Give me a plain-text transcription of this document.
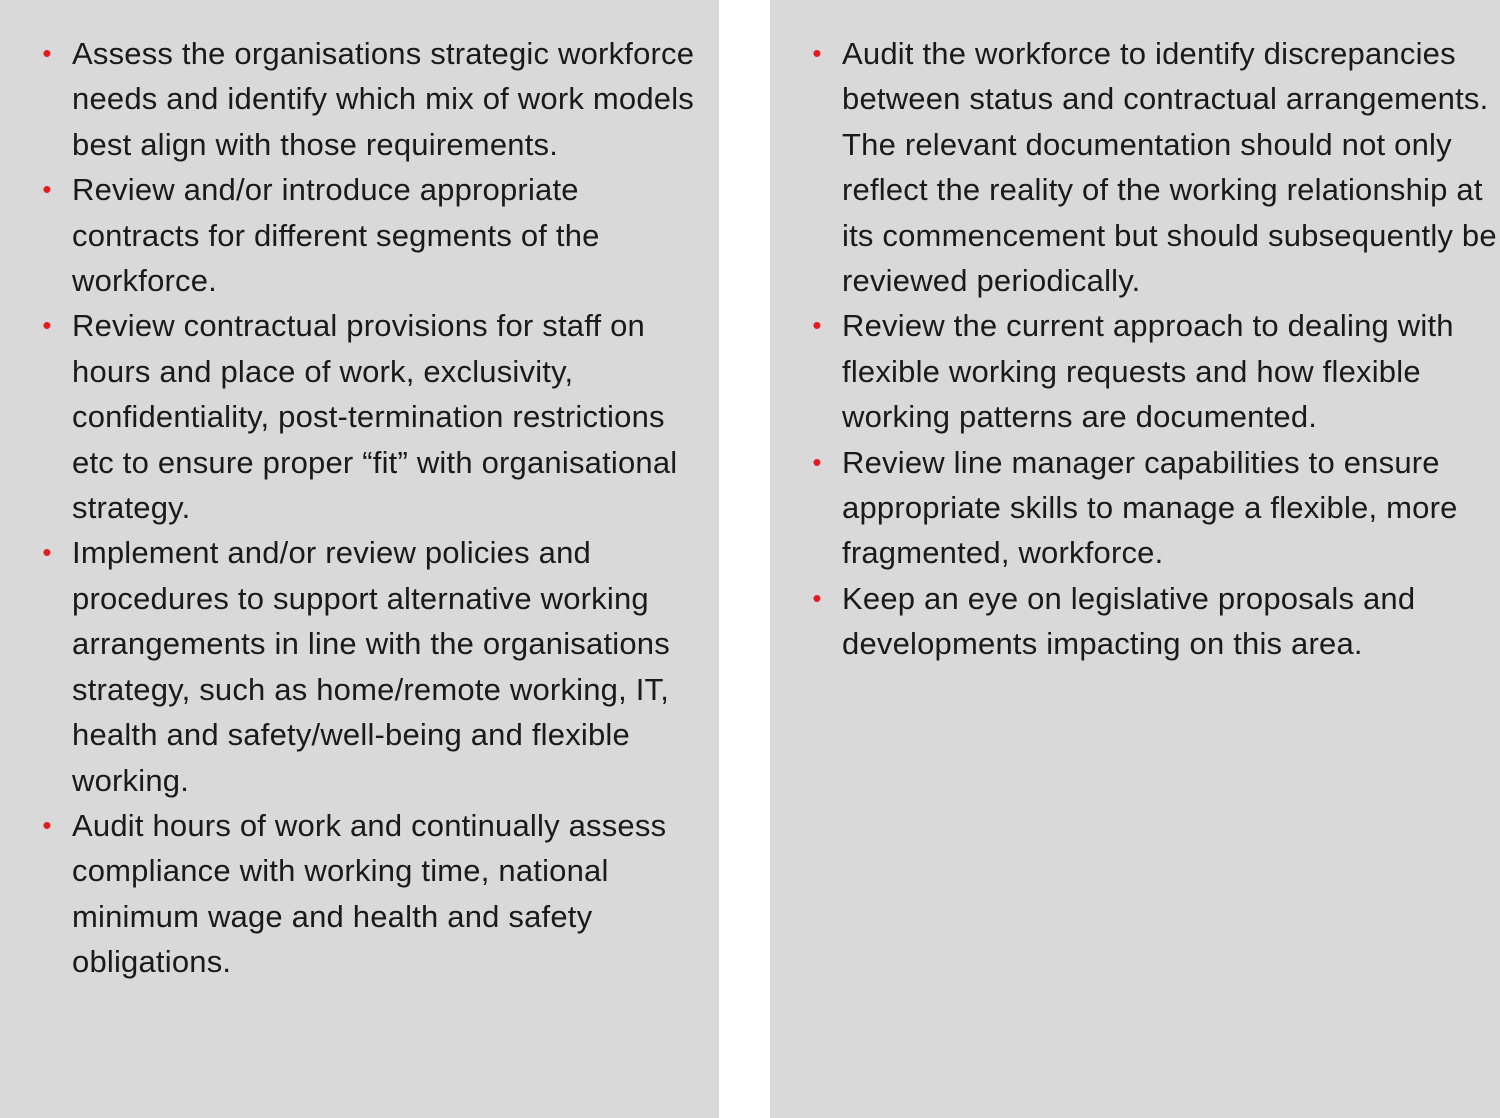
• Assess the organisations strategic workforce needs and identify which mix of work models best align with those requirements.
• Review and/or introduce appropriate contracts for different segments of the workforce.
• Review contractual provisions for staff on hours and place of work, exclusivity, confidentiality, post-termination restrictions etc to ensure proper “fit” with organisational strategy.
• Implement and/or review policies and procedures to support alternative working arrangements in line with the organisations strategy, such as home/remote working, IT, health and safety/well-being and flexible working.
• Audit hours of work and continually assess compliance with working time, national minimum wage and health and safety obligations.
• Audit the workforce to identify discrepancies between status and contractual arrangements. The relevant documentation should not only reflect the reality of the working relationship at its commencement but should subsequently be reviewed periodically.
• Review the current approach to dealing with flexible working requests and how flexible working patterns are documented.
• Review line manager capabilities to ensure appropriate skills to manage a flexible, more fragmented, workforce.
• Keep an eye on legislative proposals and developments impacting on this area.
